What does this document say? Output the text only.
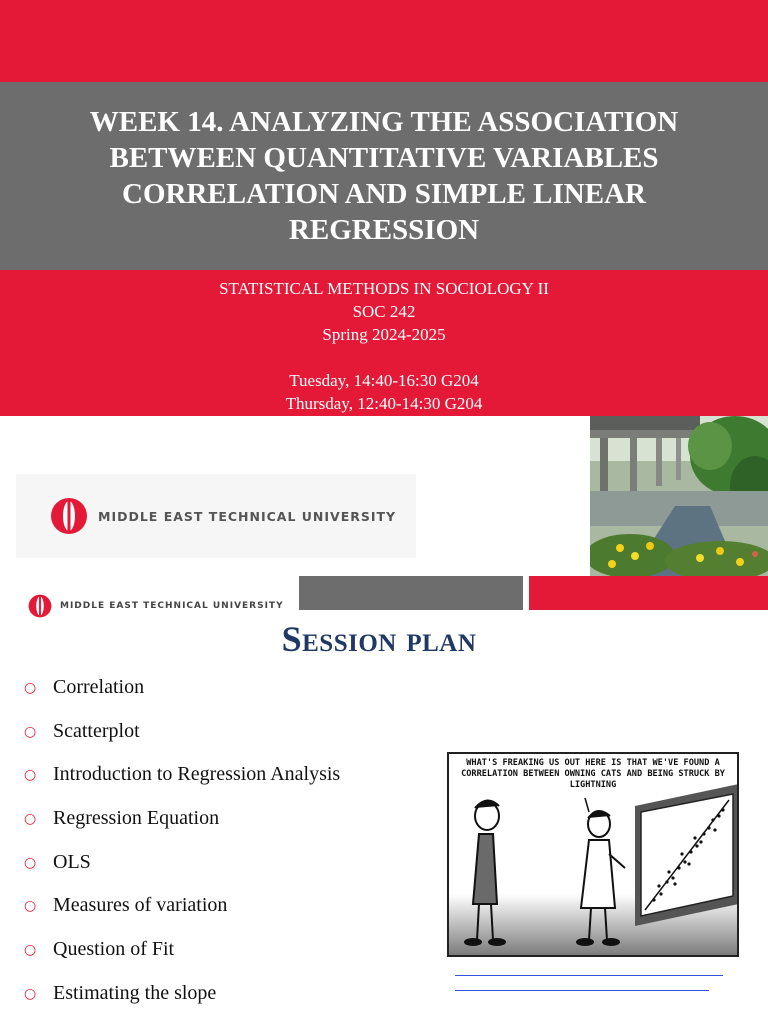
WEEK 14. ANALYZING THE ASSOCIATION BETWEEN QUANTITATIVE VARIABLES CORRELATION AND SIMPLE LINEAR REGRESSION
STATISTICAL METHODS IN SOCIOLOGY II
SOC 242
Spring 2024-2025
Tuesday, 14:40-16:30 G204
Thursday, 12:40-14:30 G204
MIDDLE EAST TECHNICAL UNIVERSITY
MIDDLE EAST TECHNICAL UNIVERSITY
Session plan
○ Correlation
○ Scatterplot
○ Introduction to Regression Analysis
○ Regression Equation
○ OLS
○ Measures of variation
○ Question of Fit
○ Estimating the slope
WHAT'S FREAKING US OUT HERE IS THAT WE'VE FOUND A CORRELATION BETWEEN OWNING CATS AND BEING STRUCK BY LIGHTNING
